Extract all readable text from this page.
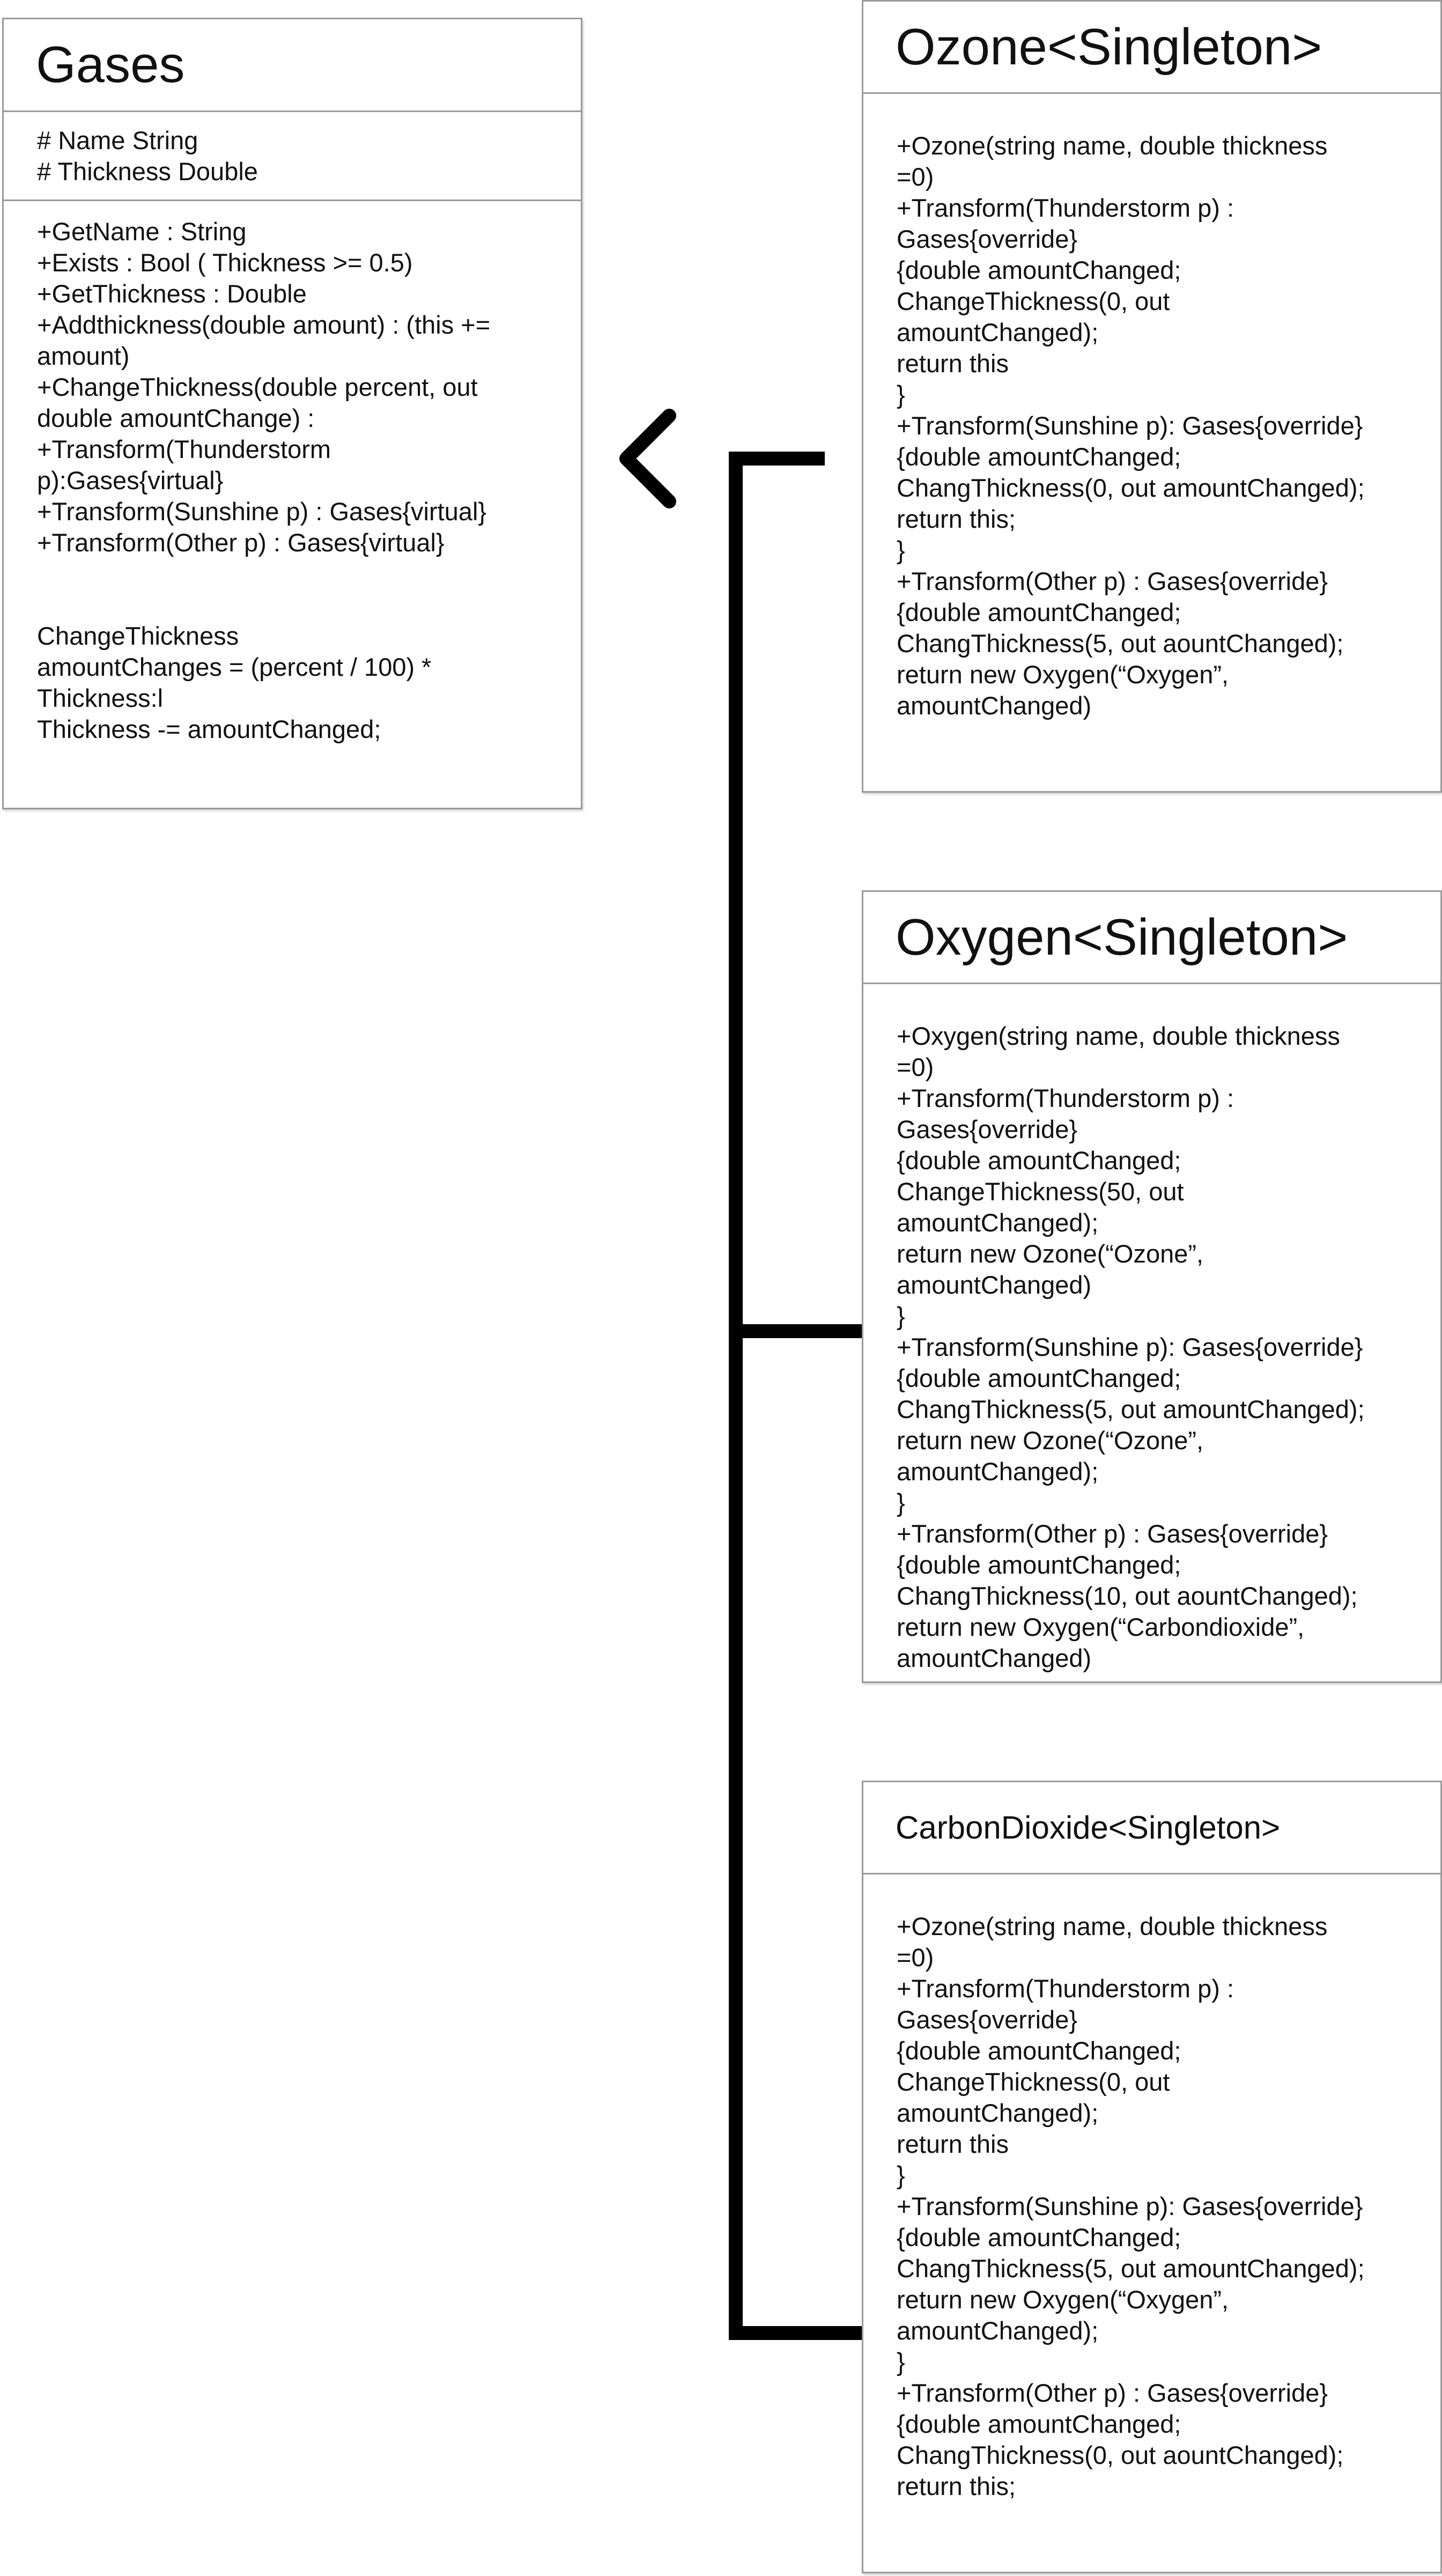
Gases
# Name String
# Thickness Double
+GetName : String
+Exists : Bool ( Thickness >= 0.5)
+GetThickness : Double
+Addthickness(double amount) : (this +=
amount)
+ChangeThickness(double percent, out
double amountChange) :
+Transform(Thunderstorm
p):Gases{virtual}
+Transform(Sunshine p) : Gases{virtual}
+Transform(Other p) : Gases{virtual}
ChangeThickness
amountChanges = (percent / 100) *
Thickness:l
Thickness -= amountChanged;
Ozone<Singleton>
+Ozone(string name, double thickness
=0)
+Transform(Thunderstorm p) :
Gases{override}
{double amountChanged;
ChangeThickness(0, out
amountChanged);
return this
}
+Transform(Sunshine p): Gases{override}
{double amountChanged;
ChangThickness(0, out amountChanged);
return this;
}
+Transform(Other p) : Gases{override}
{double amountChanged;
ChangThickness(5, out aountChanged);
return new Oxygen(“Oxygen”,
amountChanged)
Oxygen<Singleton>
+Oxygen(string name, double thickness
=0)
+Transform(Thunderstorm p) :
Gases{override}
{double amountChanged;
ChangeThickness(50, out
amountChanged);
return new Ozone(“Ozone”,
amountChanged)
}
+Transform(Sunshine p): Gases{override}
{double amountChanged;
ChangThickness(5, out amountChanged);
return new Ozone(“Ozone”,
amountChanged);
}
+Transform(Other p) : Gases{override}
{double amountChanged;
ChangThickness(10, out aountChanged);
return new Oxygen(“Carbondioxide”,
amountChanged)
CarbonDioxide<Singleton>
+Ozone(string name, double thickness
=0)
+Transform(Thunderstorm p) :
Gases{override}
{double amountChanged;
ChangeThickness(0, out
amountChanged);
return this
}
+Transform(Sunshine p): Gases{override}
{double amountChanged;
ChangThickness(5, out amountChanged);
return new Oxygen(“Oxygen”,
amountChanged);
}
+Transform(Other p) : Gases{override}
{double amountChanged;
ChangThickness(0, out aountChanged);
return this;
